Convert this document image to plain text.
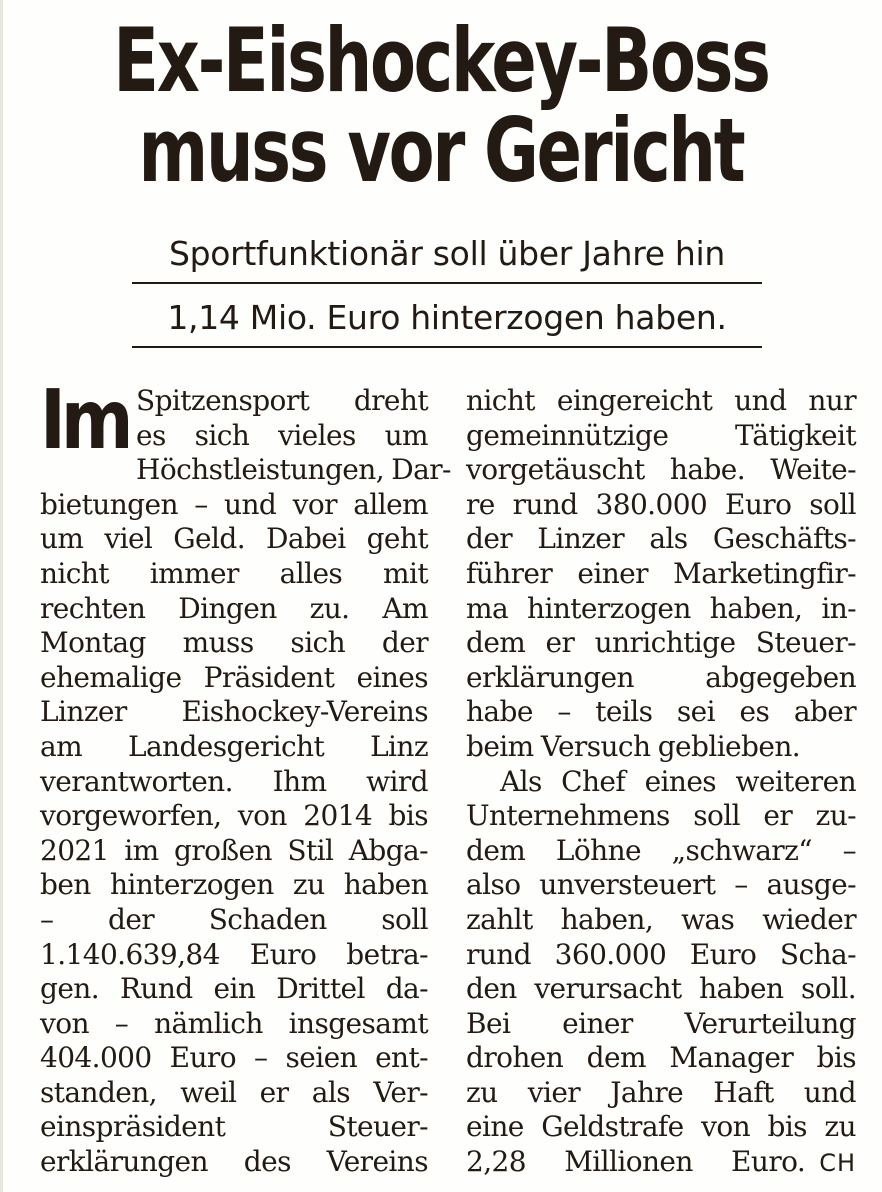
Ex-Eishockey-Boss
muss vor Gericht
Sportfunktionär soll über Jahre hin
1,14 Mio. Euro hinterzogen haben.
Im Spitzensport dreht
es sich vieles um
Höchstleistungen, Dar-
bietungen – und vor allem
um viel Geld. Dabei geht
nicht immer alles mit
rechten Dingen zu. Am
Montag muss sich der
ehemalige Präsident eines
Linzer Eishockey-Vereins
am Landesgericht Linz
verantworten. Ihm wird
vorgeworfen, von 2014 bis
2021 im großen Stil Abga-
ben hinterzogen zu haben
– der Schaden soll
1.140.639,84 Euro betra-
gen. Rund ein Drittel da-
von – nämlich insgesamt
404.000 Euro – seien ent-
standen, weil er als Ver-
einspräsident Steuer-
erklärungen des Vereins
nicht eingereicht und nur
gemeinnützige Tätigkeit
vorgetäuscht habe. Weite-
re rund 380.000 Euro soll
der Linzer als Geschäfts-
führer einer Marketingfir-
ma hinterzogen haben, in-
dem er unrichtige Steuer-
erklärungen abgegeben
habe – teils sei es aber
beim Versuch geblieben.
Als Chef eines weiteren
Unternehmens soll er zu-
dem Löhne „schwarz“ –
also unversteuert – ausge-
zahlt haben, was wieder
rund 360.000 Euro Scha-
den verursacht haben soll.
Bei einer Verurteilung
drohen dem Manager bis
zu vier Jahre Haft und
eine Geldstrafe von bis zu
2,28 Millionen Euro. CH
